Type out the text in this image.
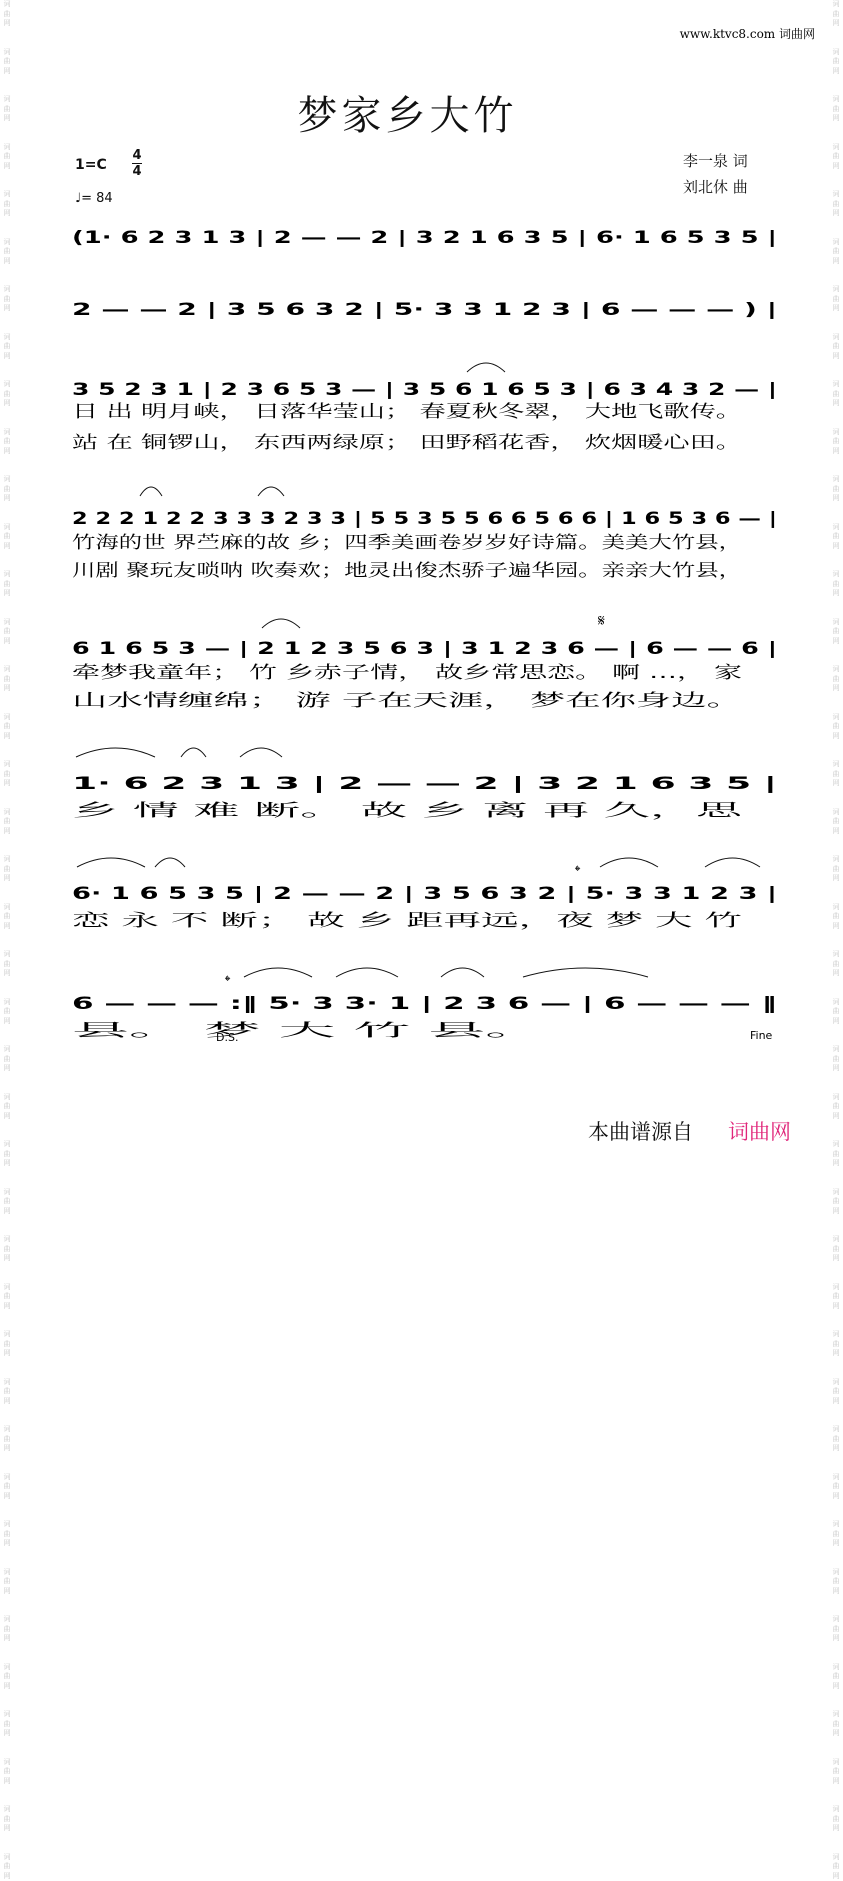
词
曲
网

词
曲
网

词
曲
网

词
曲
网

词
曲
网

词
曲
网

词
曲
网

词
曲
网

词
曲
网

词
曲
网

词
曲
网

词
曲
网

词
曲
网

词
曲
网

词
曲
网

词
曲
网

词
曲
网

词
曲
网

词
曲
网

词
曲
网

词
曲
网

词
曲
网

词
曲
网

词
曲
网

词
曲
网

词
曲
网

词
曲
网

词
曲
网

词
曲
网

词
曲
网

词
曲
网

词
曲
网

词
曲
网

词
曲
网

词
曲
网

词
曲
网

词
曲
网

词
曲
网

词
曲
网

词
曲
网

词
曲
网

词
曲
网

词
曲
网

词
曲
网

词
曲
网

词
曲
网

词
曲
网

词
曲
网

词
曲
网

词
曲
网

词
曲
网

词
曲
网

词
曲
网

词
曲
网

词
曲
网

词
曲
网

词
曲
网

词
曲
网

词
曲
网

词
曲
网

词
曲
网

词
曲
网

词
曲
网

词
曲
网

词
曲
网

词
曲
网

词
曲
网

词
曲
网

词
曲
网

词
曲
网

词
曲
网

词
曲
网

词
曲
网

词
曲
网

词
曲
网

词
曲
网

词
曲
网

词
曲
网

词
曲
网

词
曲
网

www.ktvc8.com 词曲网
梦家乡大竹
1=C
4
4
♩= 84
李一泉 词
刘北休 曲
(1· 6 2 3 1 3 | 2 — — 2 | 3 2 1 6 3 5 | 6· 1 6 5 3 5 |
2 — — 2 | 3 5 6 3 2 | 5· 3 3 1 2 3 | 6 — — — ) |
3 5 2 3 1 | 2 3 6 5 3 — | 3 5 6 1 6 5 3 | 6 3 4 3 2 — |
日 出 明月峡， 日落华莹山； 春夏秋冬翠， 大地飞歌传。
站 在 铜锣山， 东西两绿原； 田野稻花香， 炊烟暖心田。
2 2 2 1 2 2 3 3 3 2 3 3 | 5 5 3 5 5 6 6 5 6 6 | 1 6 5 3 6 — |
竹海的世 界苎麻的故 乡；四季美画卷岁岁好诗篇。美美大竹县，
川剧 聚玩友唢呐 吹奏欢；地灵出俊杰骄子遍华园。亲亲大竹县，
6 1 6 5 3 — | 2 1 2 3 5 6 3 | 3 1 2 3 6 — | 6 — — 6 |
牵梦我童年； 竹 乡赤子情， 故乡常思恋。 啊 …， 家
山水情缠绵； 游 子在天涯， 梦在你身边。
1· 6 2 3 1 3 | 2 — — 2 | 3 2 1 6 3 5 |
乡 情 难 断。 故 乡 离 再 久，思
6· 1 6 5 3 5 | 2 — — 2 | 3 5 6 3 2 | 5· 3 3 1 2 3 |
恋 永 不 断； 故 乡 距再远，夜 梦 大 竹
6 — — — :‖ 5· 3 3· 1 | 2 3 6 — | 6 — — — ‖
县。 梦 大 竹 县。
𝄋
𝄌
𝄌
D.S.	Fine
本曲谱源自 词曲网
